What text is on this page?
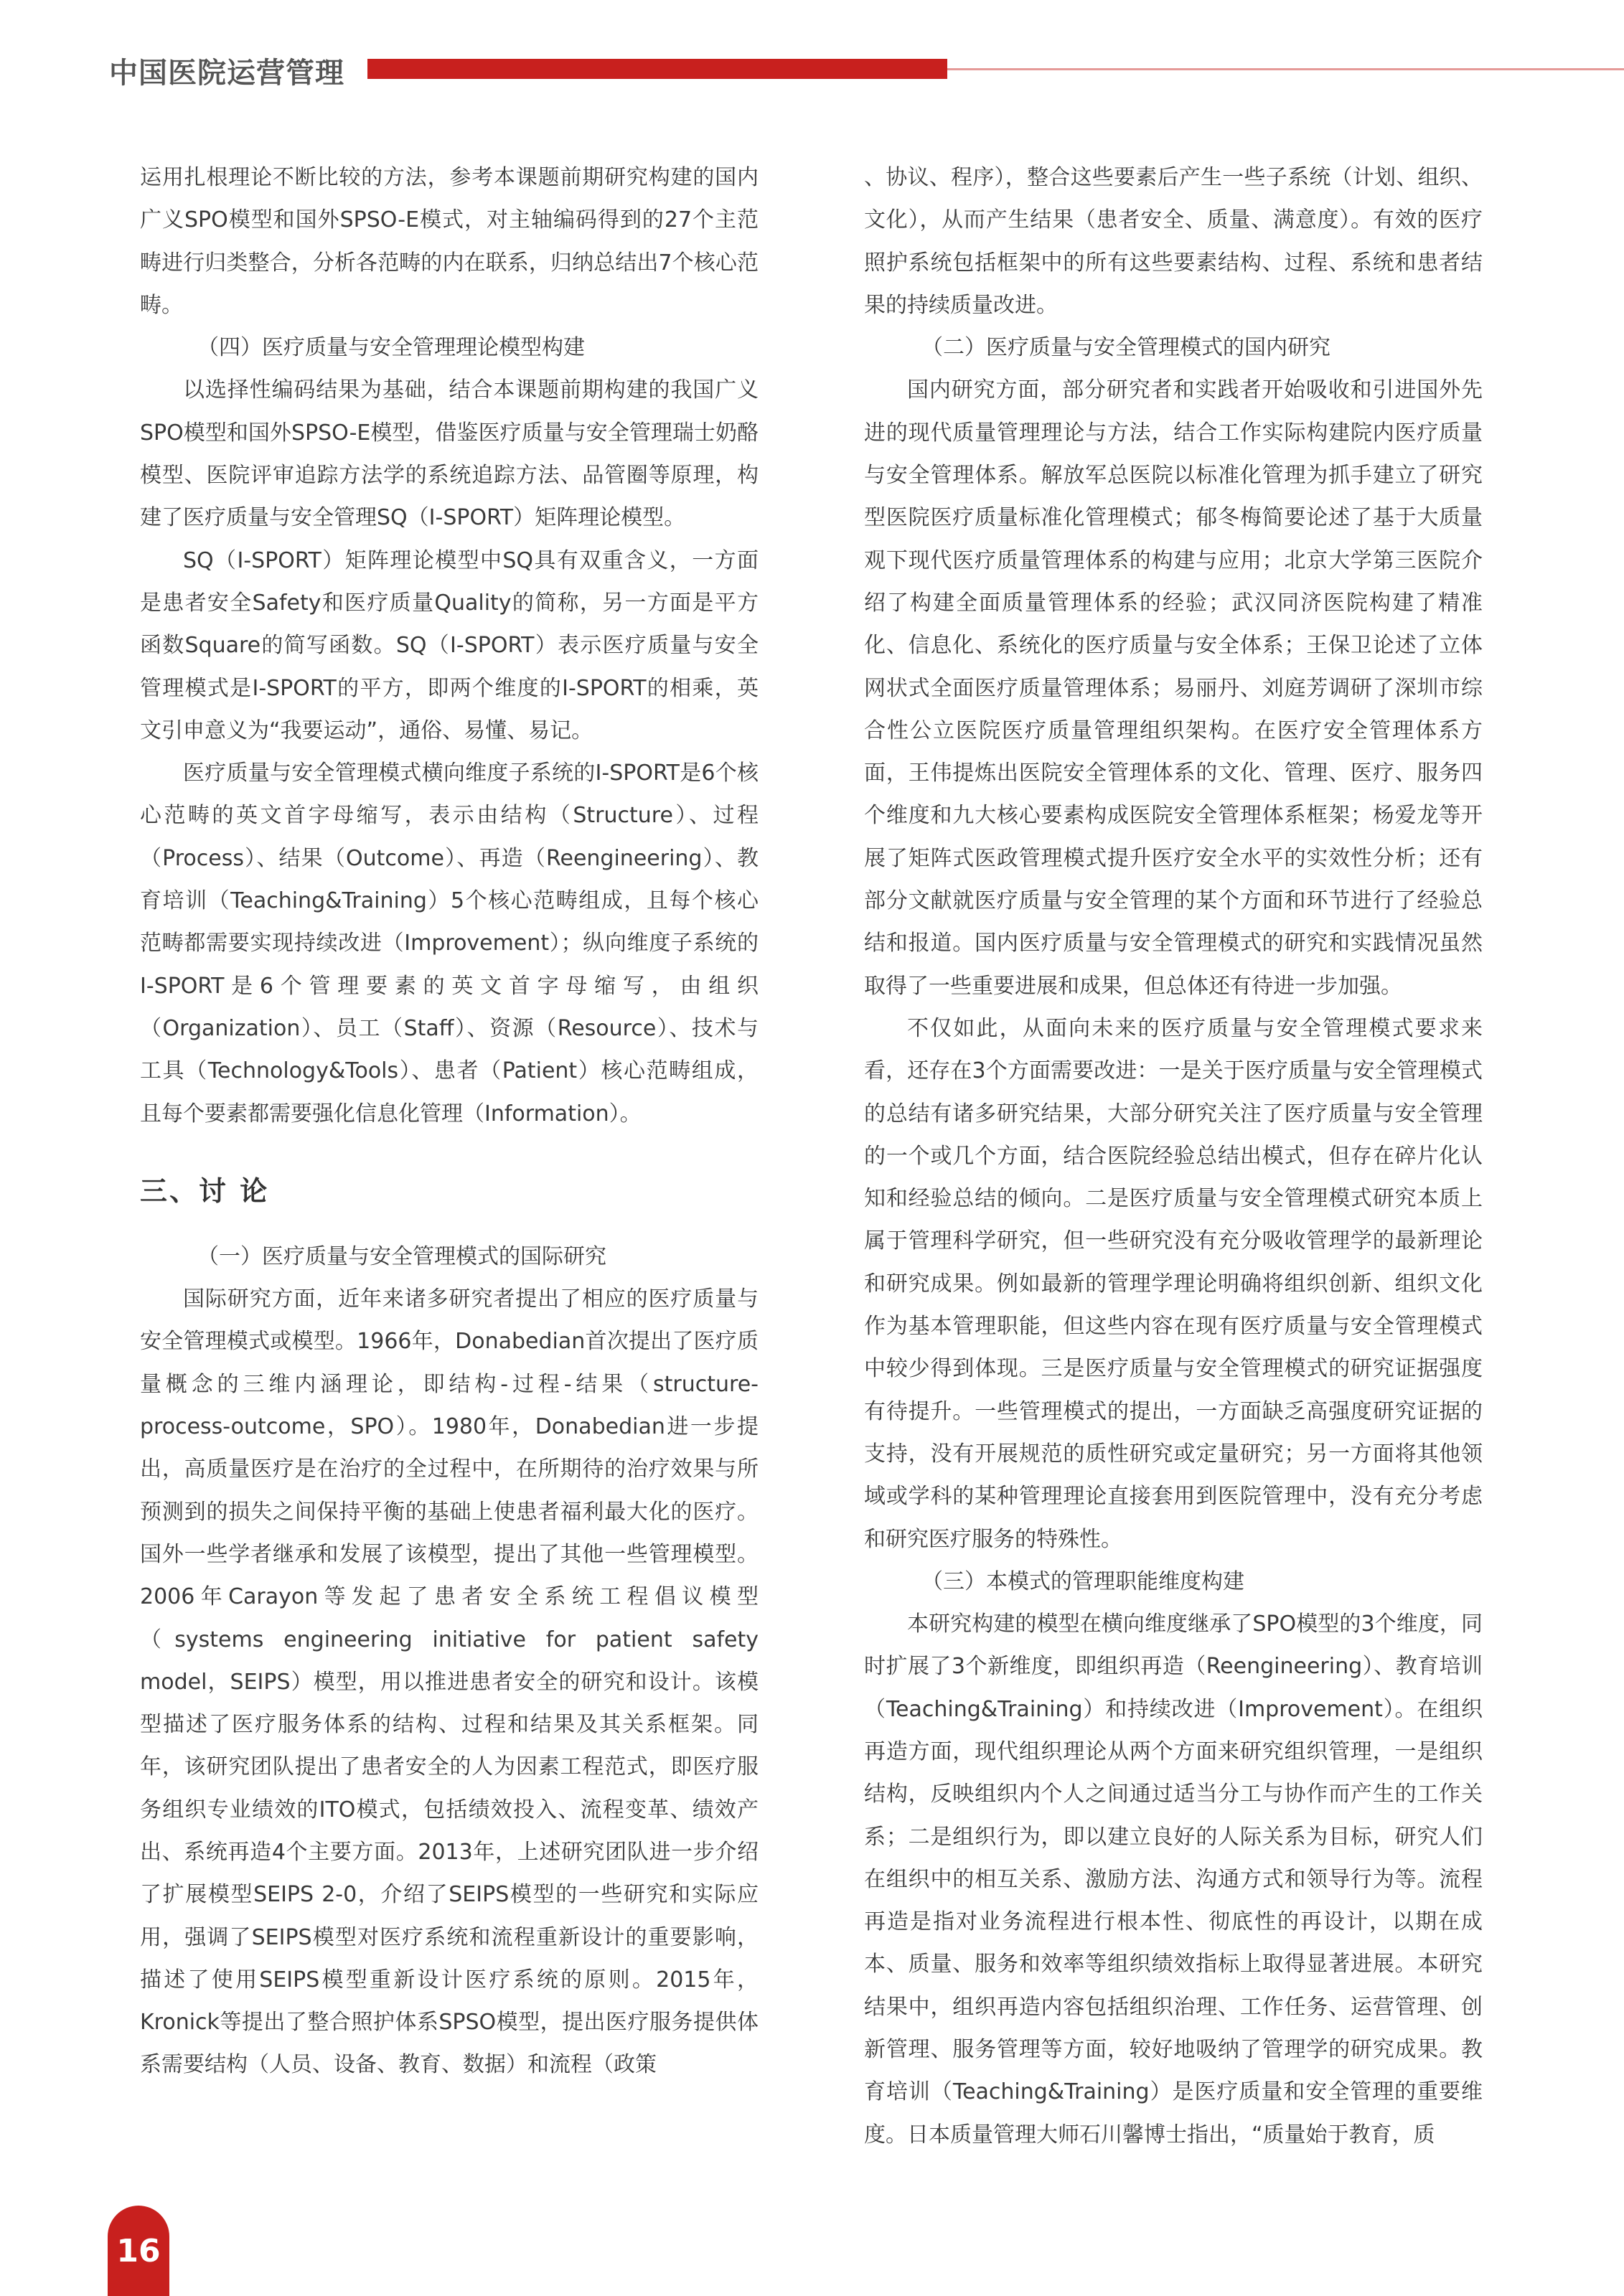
中国医院运营管理

运用扎根理论不断比较的方法，参考本课题前期研究构建的国内广义SPO模型和国外SPSO-E模式，对主轴编码得到的27个主范畴进行归类整合，分析各范畴的内在联系，归纳总结出7个核心范畴。

（四）医疗质量与安全管理理论模型构建

以选择性编码结果为基础，结合本课题前期构建的我国广义SPO模型和国外SPSO-E模型，借鉴医疗质量与安全管理瑞士奶酪模型、医院评审追踪方法学的系统追踪方法、品管圈等原理，构建了医疗质量与安全管理SQ（I-SPORT）矩阵理论模型。

SQ（I-SPORT）矩阵理论模型中SQ具有双重含义，一方面是患者安全Safety和医疗质量Quality的简称，另一方面是平方函数Square的简写函数。SQ（I-SPORT）表示医疗质量与安全管理模式是I-SPORT的平方，即两个维度的I-SPORT的相乘，英文引申意义为“我要运动”，通俗、易懂、易记。

医疗质量与安全管理模式横向维度子系统的I-SPORT是6个核心范畴的英文首字母缩写，表示由结构（Structure）、过程（Process）、结果（Outcome）、再造（Reengineering）、教育培训（Teaching&Training）5个核心范畴组成，且每个核心范畴都需要实现持续改进（Improvement）；纵向维度子系统的I-SPORT是6个管理要素的英文首字母缩写，由组织（Organization）、员工（Staff）、资源（Resource）、技术与工具（Technology&Tools）、患者（Patient）核心范畴组成，且每个要素都需要强化信息化管理（Information）。

三、讨 论

（一）医疗质量与安全管理模式的国际研究

国际研究方面，近年来诸多研究者提出了相应的医疗质量与安全管理模式或模型。1966年，Donabedian首次提出了医疗质量概念的三维内涵理论，即结构-过程-结果（structure-process-outcome，SPO）。1980年，Donabedian进一步提出，高质量医疗是在治疗的全过程中，在所期待的治疗效果与所预测到的损失之间保持平衡的基础上使患者福利最大化的医疗。国外一些学者继承和发展了该模型，提出了其他一些管理模型。2006年Carayon等发起了患者安全系统工程倡议模型（systems engineering initiative for patient safety model，SEIPS）模型，用以推进患者安全的研究和设计。该模型描述了医疗服务体系的结构、过程和结果及其关系框架。同年，该研究团队提出了患者安全的人为因素工程范式，即医疗服务组织专业绩效的ITO模式，包括绩效投入、流程变革、绩效产出、系统再造4个主要方面。2013年，上述研究团队进一步介绍了扩展模型SEIPS 2-0，介绍了SEIPS模型的一些研究和实际应用，强调了SEIPS模型对医疗系统和流程重新设计的重要影响，描述了使用SEIPS模型重新设计医疗系统的原则。2015年，Kronick等提出了整合照护体系SPSO模型，提出医疗服务提供体系需要结构（人员、设备、教育、数据）和流程（政策

、协议、程序），整合这些要素后产生一些子系统（计划、组织、文化），从而产生结果（患者安全、质量、满意度）。有效的医疗照护系统包括框架中的所有这些要素结构、过程、系统和患者结果的持续质量改进。

（二）医疗质量与安全管理模式的国内研究

国内研究方面，部分研究者和实践者开始吸收和引进国外先进的现代质量管理理论与方法，结合工作实际构建院内医疗质量与安全管理体系。解放军总医院以标准化管理为抓手建立了研究型医院医疗质量标准化管理模式；郁冬梅简要论述了基于大质量观下现代医疗质量管理体系的构建与应用；北京大学第三医院介绍了构建全面质量管理体系的经验；武汉同济医院构建了精准化、信息化、系统化的医疗质量与安全体系；王保卫论述了立体网状式全面医疗质量管理体系；易丽丹、刘庭芳调研了深圳市综合性公立医院医疗质量管理组织架构。在医疗安全管理体系方面，王伟提炼出医院安全管理体系的文化、管理、医疗、服务四个维度和九大核心要素构成医院安全管理体系框架；杨爱龙等开展了矩阵式医政管理模式提升医疗安全水平的实效性分析；还有部分文献就医疗质量与安全管理的某个方面和环节进行了经验总结和报道。国内医疗质量与安全管理模式的研究和实践情况虽然取得了一些重要进展和成果，但总体还有待进一步加强。

不仅如此，从面向未来的医疗质量与安全管理模式要求来看，还存在3个方面需要改进：一是关于医疗质量与安全管理模式的总结有诸多研究结果，大部分研究关注了医疗质量与安全管理的一个或几个方面，结合医院经验总结出模式，但存在碎片化认知和经验总结的倾向。二是医疗质量与安全管理模式研究本质上属于管理科学研究，但一些研究没有充分吸收管理学的最新理论和研究成果。例如最新的管理学理论明确将组织创新、组织文化作为基本管理职能，但这些内容在现有医疗质量与安全管理模式中较少得到体现。三是医疗质量与安全管理模式的研究证据强度有待提升。一些管理模式的提出，一方面缺乏高强度研究证据的支持，没有开展规范的质性研究或定量研究；另一方面将其他领域或学科的某种管理理论直接套用到医院管理中，没有充分考虑和研究医疗服务的特殊性。

（三）本模式的管理职能维度构建

本研究构建的模型在横向维度继承了SPO模型的3个维度，同时扩展了3个新维度，即组织再造（Reengineering）、教育培训（Teaching&Training）和持续改进（Improvement）。在组织再造方面，现代组织理论从两个方面来研究组织管理，一是组织结构，反映组织内个人之间通过适当分工与协作而产生的工作关系；二是组织行为，即以建立良好的人际关系为目标，研究人们在组织中的相互关系、激励方法、沟通方式和领导行为等。流程再造是指对业务流程进行根本性、彻底性的再设计，以期在成本、质量、服务和效率等组织绩效指标上取得显著进展。本研究结果中，组织再造内容包括组织治理、工作任务、运营管理、创新管理、服务管理等方面，较好地吸纳了管理学的研究成果。教育培训（Teaching&Training）是医疗质量和安全管理的重要维度。日本质量管理大师石川馨博士指出，“质量始于教育，质

16
